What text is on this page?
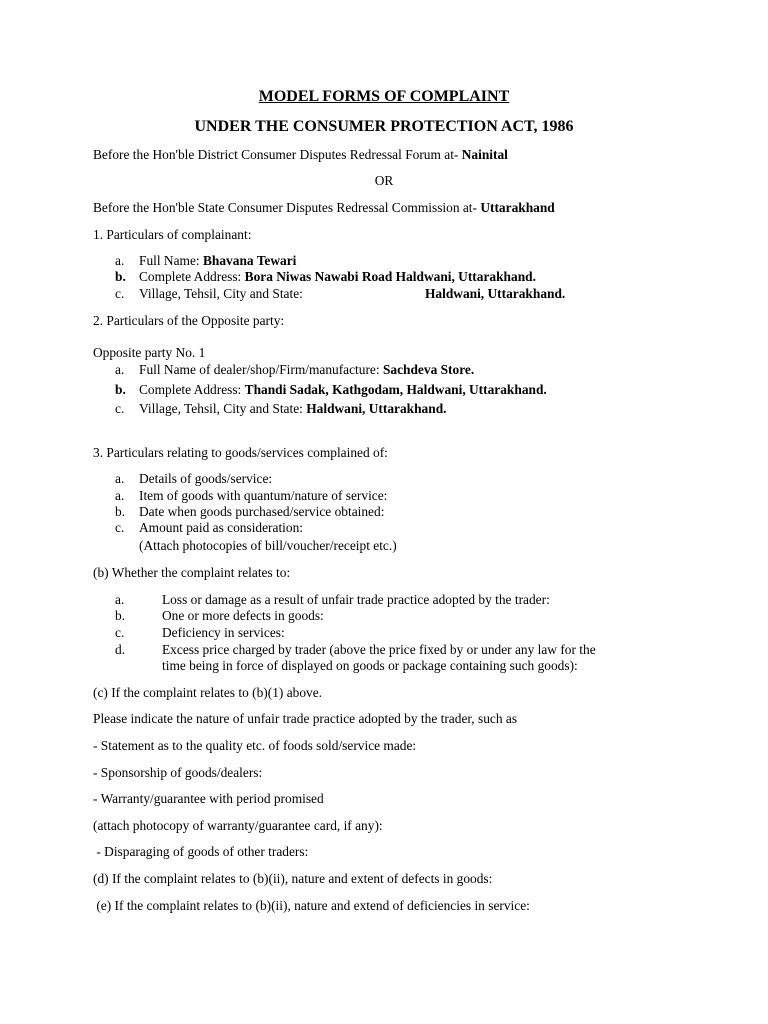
MODEL FORMS OF COMPLAINT
UNDER THE CONSUMER PROTECTION ACT, 1986
Before the Hon'ble District Consumer Disputes Redressal Forum at- Nainital
OR
Before the Hon'ble State Consumer Disputes Redressal Commission at- Uttarakhand
1. Particulars of complainant:
a. Full Name: Bhavana Tewari
b. Complete Address: Bora Niwas Nawabi Road Haldwani, Uttarakhand.
c. Village, Tehsil, City and State:	Haldwani, Uttarakhand.
2. Particulars of the Opposite party:
Opposite party No. 1
a. Full Name of dealer/shop/Firm/manufacture: Sachdeva Store.
b. Complete Address: Thandi Sadak, Kathgodam, Haldwani, Uttarakhand.
c. Village, Tehsil, City and State: Haldwani, Uttarakhand.
3. Particulars relating to goods/services complained of:
a. Details of goods/service:
a. Item of goods with quantum/nature of service:
b. Date when goods purchased/service obtained:
c. Amount paid as consideration:
(Attach photocopies of bill/voucher/receipt etc.)
(b) Whether the complaint relates to:
a.	Loss or damage as a result of unfair trade practice adopted by the trader:
b.	One or more defects in goods:
c.	Deficiency in services:
d.	Excess price charged by trader (above the price fixed by or under any law for the
time being in force of displayed on goods or package containing such goods):
(c) If the complaint relates to (b)(1) above.
Please indicate the nature of unfair trade practice adopted by the trader, such as
- Statement as to the quality etc. of foods sold/service made:
- Sponsorship of goods/dealers:
- Warranty/guarantee with period promised
(attach photocopy of warranty/guarantee card, if any):
- Disparaging of goods of other traders:
(d) If the complaint relates to (b)(ii), nature and extent of defects in goods:
(e) If the complaint relates to (b)(ii), nature and extend of deficiencies in service:
